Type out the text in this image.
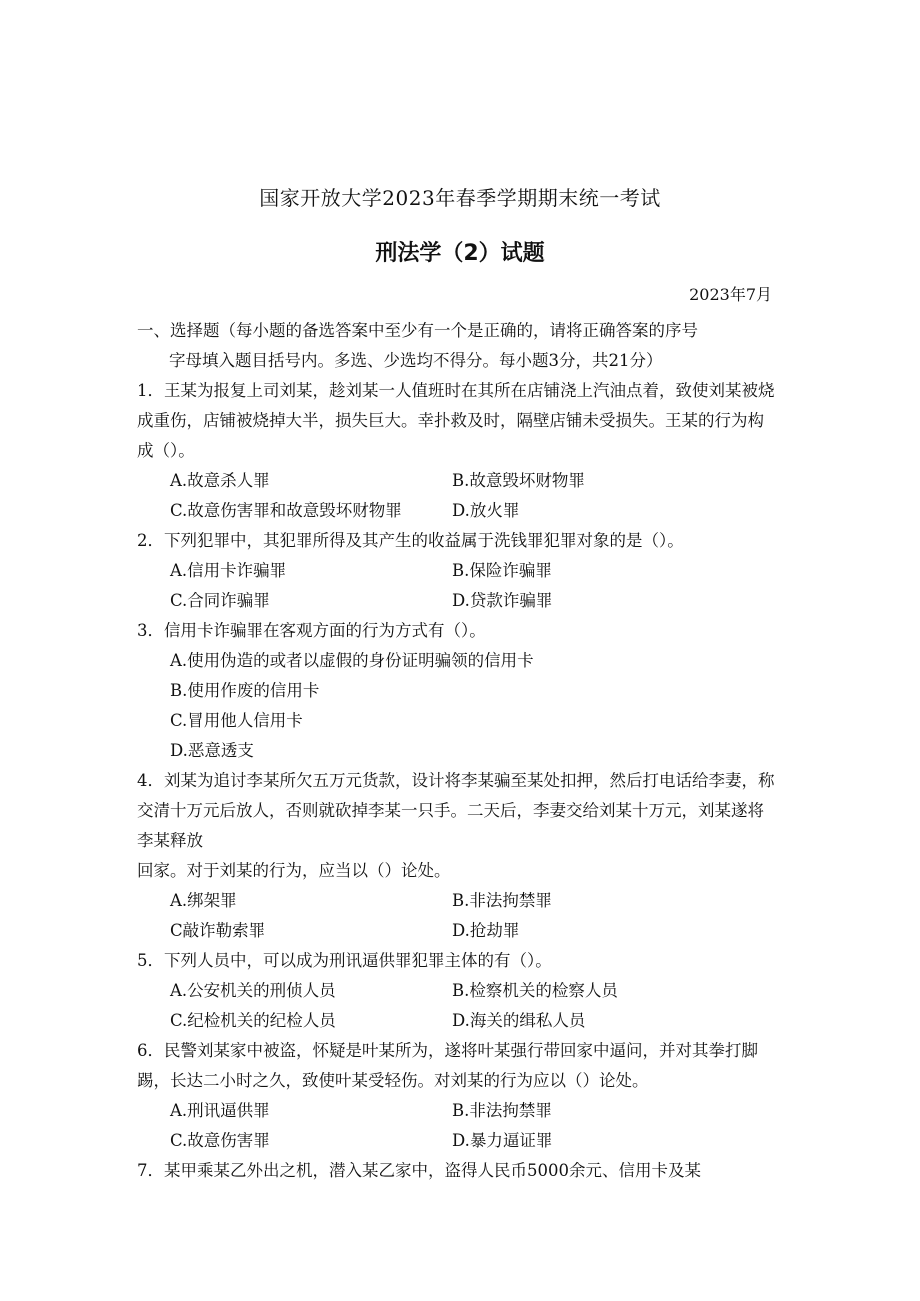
国家开放大学2023年春季学期期末统一考试
刑法学（2）试题
2023年7月

一、选择题（每小题的备选答案中至少有一个是正确的，请将正确答案的序号

字母填入题目括号内。多选、少选均不得分。每小题3分，共21分）

1．王某为报复上司刘某，趁刘某一人值班时在其所在店铺浇上汽油点着，致使刘某被烧成重伤，店铺被烧掉大半，损失巨大。幸扑救及时，隔壁店铺未受损失。王某的行为构成（）。

A.故意杀人罪	B.故意毁坏财物罪
C.故意伤害罪和故意毁坏财物罪	D.放火罪

2．下列犯罪中，其犯罪所得及其产生的收益属于洗钱罪犯罪对象的是（）。

A.信用卡诈骗罪	B.保险诈骗罪
C.合同诈骗罪	D.贷款诈骗罪

3．信用卡诈骗罪在客观方面的行为方式有（）。

A.使用伪造的或者以虚假的身份证明骗领的信用卡
B.使用作废的信用卡
C.冒用他人信用卡
D.恶意透支

4．刘某为追讨李某所欠五万元货款，设计将李某骗至某处扣押，然后打电话给李妻，称交清十万元后放人，否则就砍掉李某一只手。二天后，李妻交给刘某十万元，刘某遂将李某释放

回家。对于刘某的行为，应当以（）论处。

A.绑架罪	B.非法拘禁罪
C敲诈勒索罪	D.抢劫罪

5．下列人员中，可以成为刑讯逼供罪犯罪主体的有（）。

A.公安机关的刑侦人员	B.检察机关的检察人员
C.纪检机关的纪检人员	D.海关的缉私人员

6．民警刘某家中被盗，怀疑是叶某所为，遂将叶某强行带回家中逼问，并对其拳打脚踢，长达二小时之久，致使叶某受轻伤。对刘某的行为应以（）论处。

A.刑讯逼供罪	B.非法拘禁罪
C.故意伤害罪	D.暴力逼证罪

7．某甲乘某乙外出之机，潜入某乙家中，盗得人民币5000余元、信用卡及某
